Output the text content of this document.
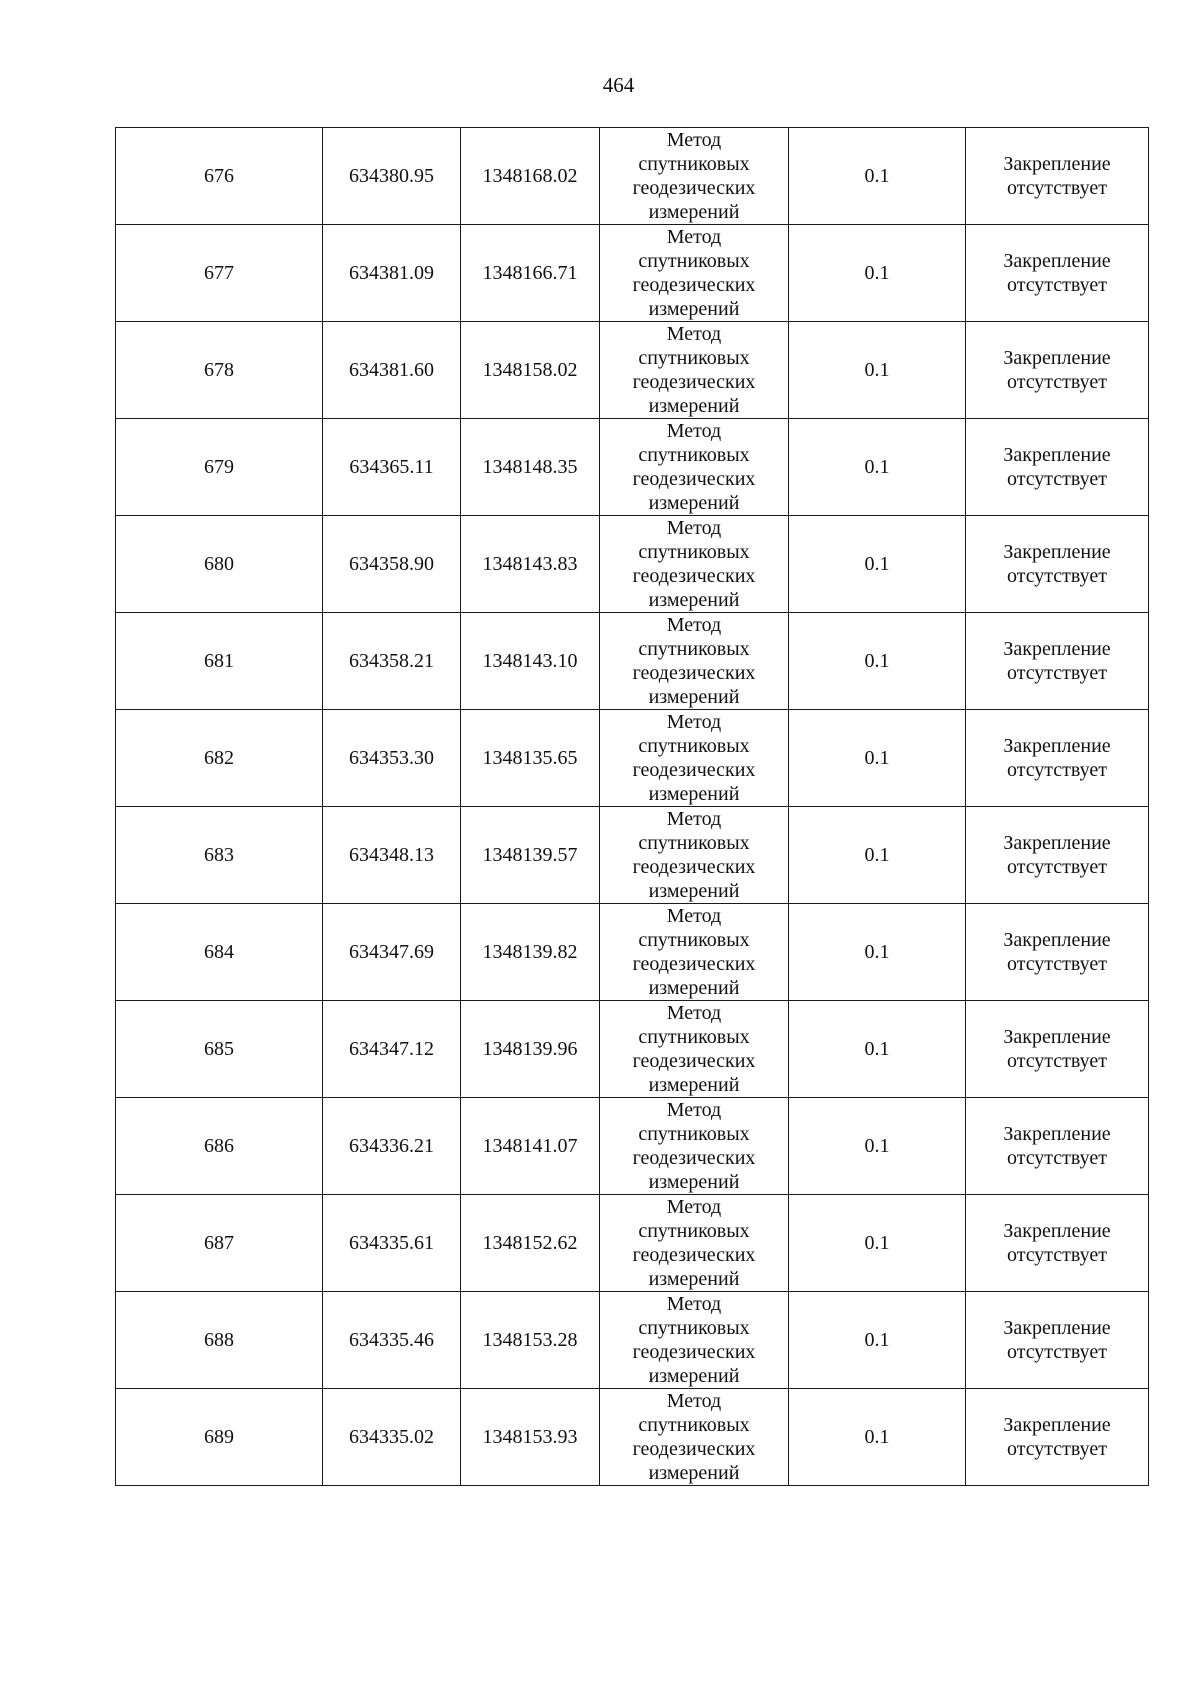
464
676	634380.95	1348168.02	Метод
спутниковых
геодезических
измерений	0.1	Закрепление
отсутствует

677	634381.09	1348166.71	Метод
спутниковых
геодезических
измерений	0.1	Закрепление
отсутствует

678	634381.60	1348158.02	Метод
спутниковых
геодезических
измерений	0.1	Закрепление
отсутствует

679	634365.11	1348148.35	Метод
спутниковых
геодезических
измерений	0.1	Закрепление
отсутствует

680	634358.90	1348143.83	Метод
спутниковых
геодезических
измерений	0.1	Закрепление
отсутствует

681	634358.21	1348143.10	Метод
спутниковых
геодезических
измерений	0.1	Закрепление
отсутствует

682	634353.30	1348135.65	Метод
спутниковых
геодезических
измерений	0.1	Закрепление
отсутствует

683	634348.13	1348139.57	Метод
спутниковых
геодезических
измерений	0.1	Закрепление
отсутствует

684	634347.69	1348139.82	Метод
спутниковых
геодезических
измерений	0.1	Закрепление
отсутствует

685	634347.12	1348139.96	Метод
спутниковых
геодезических
измерений	0.1	Закрепление
отсутствует

686	634336.21	1348141.07	Метод
спутниковых
геодезических
измерений	0.1	Закрепление
отсутствует

687	634335.61	1348152.62	Метод
спутниковых
геодезических
измерений	0.1	Закрепление
отсутствует

688	634335.46	1348153.28	Метод
спутниковых
геодезических
измерений	0.1	Закрепление
отсутствует

689	634335.02	1348153.93	Метод
спутниковых
геодезических
измерений	0.1	Закрепление
отсутствует
